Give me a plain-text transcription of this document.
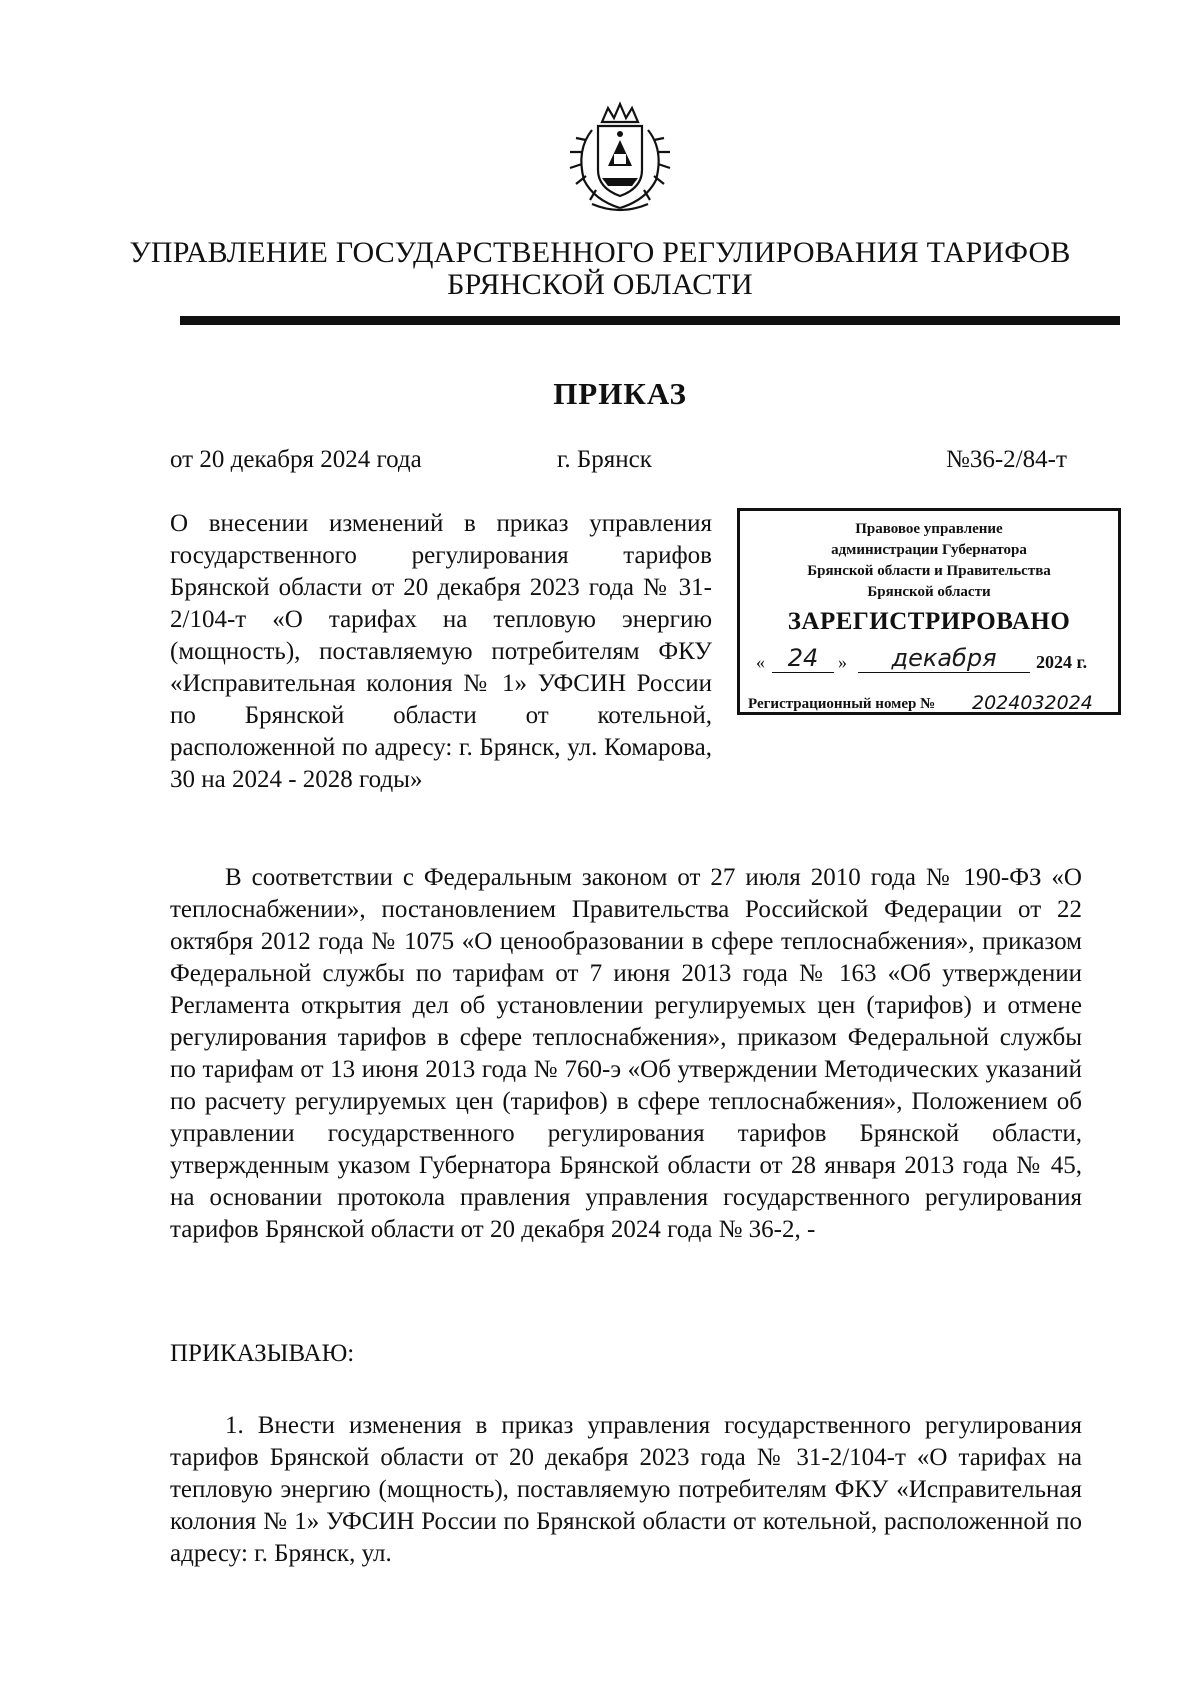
УПРАВЛЕНИЕ ГОСУДАРСТВЕННОГО РЕГУЛИРОВАНИЯ ТАРИФОВ
БРЯНСКОЙ ОБЛАСТИ
ПРИКАЗ
от 20 декабря 2024 года	г. Брянск	№36-2/84-т
О внесении изменений в приказ управления государственного регулирования тарифов Брянской области от 20 декабря 2023 года № 31-2/104-т «О тарифах на тепловую энергию (мощность), поставляемую потребителям ФКУ «Исправительная колония № 1» УФСИН России по Брянской области от котельной, расположенной по адресу: г. Брянск, ул. Комарова, 30 на 2024 - 2028 годы»
Правовое управление
администрации Губернатора
Брянской области и Правительства
Брянской области
ЗАРЕГИСТРИРОВАНО
« 24	»	декабря	2024 г.
Регистрационный номер № 2024032024
В соответствии с Федеральным законом от 27 июля 2010 года № 190-ФЗ «О теплоснабжении», постановлением Правительства Российской Федерации от 22 октября 2012 года № 1075 «О ценообразовании в сфере теплоснабжения», приказом Федеральной службы по тарифам от 7 июня 2013 года № 163 «Об утверждении Регламента открытия дел об установлении регулируемых цен (тарифов) и отмене регулирования тарифов в сфере теплоснабжения», приказом Федеральной службы по тарифам от 13 июня 2013 года № 760-э «Об утверждении Методических указаний по расчету регулируемых цен (тарифов) в сфере теплоснабжения», Положением об управлении государственного регулирования тарифов Брянской области, утвержденным указом Губернатора Брянской области от 28 января 2013 года № 45, на основании протокола правления управления государственного регулирования тарифов Брянской области от 20 декабря 2024 года № 36-2, -
ПРИКАЗЫВАЮ:
1. Внести изменения в приказ управления государственного регулирования тарифов Брянской области от 20 декабря 2023 года № 31-2/104-т «О тарифах на тепловую энергию (мощность), поставляемую потребителям ФКУ «Исправительная колония № 1» УФСИН России по Брянской области от котельной, расположенной по адресу: г. Брянск, ул.
